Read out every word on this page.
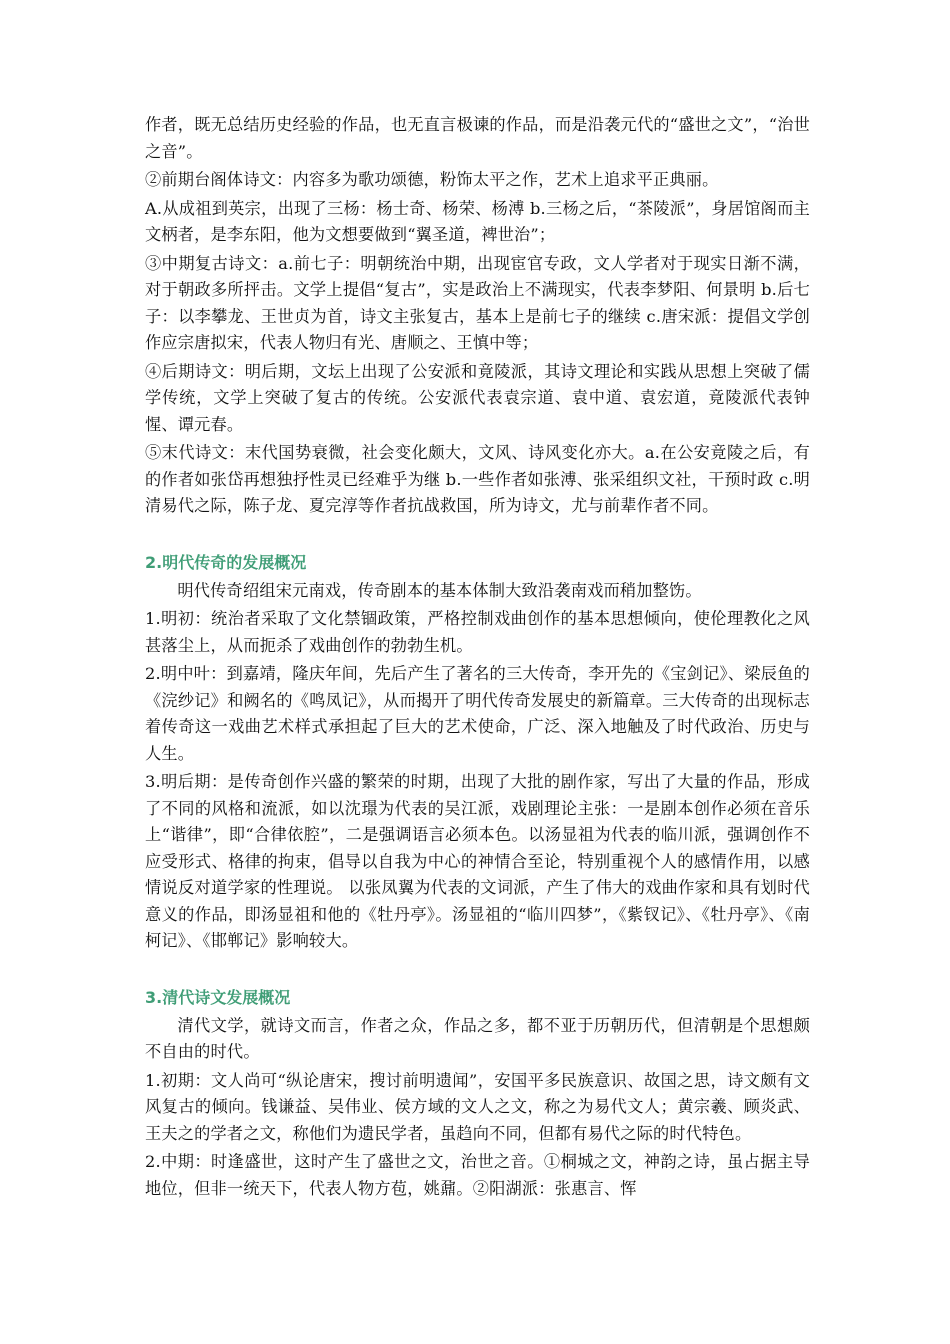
作者，既无总结历史经验的作品，也无直言极谏的作品，而是沿袭元代的“盛世之文”，“治世之音”。

②前期台阁体诗文：内容多为歌功颂德，粉饰太平之作，艺术上追求平正典丽。

A.从成祖到英宗，出现了三杨：杨士奇、杨荣、杨溥 b.三杨之后，“茶陵派”，身居馆阁而主文柄者，是李东阳，他为文想要做到“翼圣道，裨世治”；

③中期复古诗文：a.前七子：明朝统治中期，出现宦官专政，文人学者对于现实日渐不满，对于朝政多所抨击。文学上提倡“复古”，实是政治上不满现实，代表李梦阳、何景明 b.后七子：以李攀龙、王世贞为首，诗文主张复古，基本上是前七子的继续 c.唐宋派：提倡文学创作应宗唐拟宋，代表人物归有光、唐顺之、王慎中等；

④后期诗文：明后期，文坛上出现了公安派和竟陵派，其诗文理论和实践从思想上突破了儒学传统，文学上突破了复古的传统。公安派代表袁宗道、袁中道、袁宏道，竟陵派代表钟惺、谭元春。

⑤末代诗文：末代国势衰微，社会变化颇大，文风、诗风变化亦大。a.在公安竟陵之后，有的作者如张岱再想独抒性灵已经难乎为继 b.一些作者如张溥、张采组织文社，干预时政 c.明清易代之际，陈子龙、夏完淳等作者抗战救国，所为诗文，尤与前辈作者不同。

2.明代传奇的发展概况

明代传奇绍组宋元南戏，传奇剧本的基本体制大致沿袭南戏而稍加整饬。

1.明初：统治者采取了文化禁锢政策，严格控制戏曲创作的基本思想倾向，使伦理教化之风甚落尘上，从而扼杀了戏曲创作的勃勃生机。

2.明中叶：到嘉靖，隆庆年间，先后产生了著名的三大传奇，李开先的《宝剑记》、梁辰鱼的《浣纱记》和阙名的《鸣凤记》，从而揭开了明代传奇发展史的新篇章。三大传奇的出现标志着传奇这一戏曲艺术样式承担起了巨大的艺术使命，广泛、深入地触及了时代政治、历史与人生。

3.明后期：是传奇创作兴盛的繁荣的时期，出现了大批的剧作家，写出了大量的作品，形成了不同的风格和流派，如以沈璟为代表的吴江派，戏剧理论主张：一是剧本创作必须在音乐上“谐律”，即“合律依腔”，二是强调语言必须本色。以汤显祖为代表的临川派，强调创作不应受形式、格律的拘束，倡导以自我为中心的神情合至论，特别重视个人的感情作用，以感情说反对道学家的性理说。 以张凤翼为代表的文词派，产生了伟大的戏曲作家和具有划时代意义的作品，即汤显祖和他的《牡丹亭》。汤显祖的“临川四梦”，《紫钗记》、《牡丹亭》、《南柯记》、《邯郸记》影响较大。

3.清代诗文发展概况

清代文学，就诗文而言，作者之众，作品之多，都不亚于历朝历代，但清朝是个思想颇不自由的时代。

1.初期：文人尚可“纵论唐宋，搜讨前明遗闻”，安国平多民族意识、故国之思，诗文颇有文风复古的倾向。钱谦益、吴伟业、侯方域的文人之文，称之为易代文人；黄宗羲、顾炎武、王夫之的学者之文，称他们为遗民学者，虽趋向不同，但都有易代之际的时代特色。

2.中期：时逢盛世，这时产生了盛世之文，治世之音。①桐城之文，神韵之诗，虽占据主导地位，但非一统天下，代表人物方苞，姚鼐。②阳湖派：张惠言、恽
